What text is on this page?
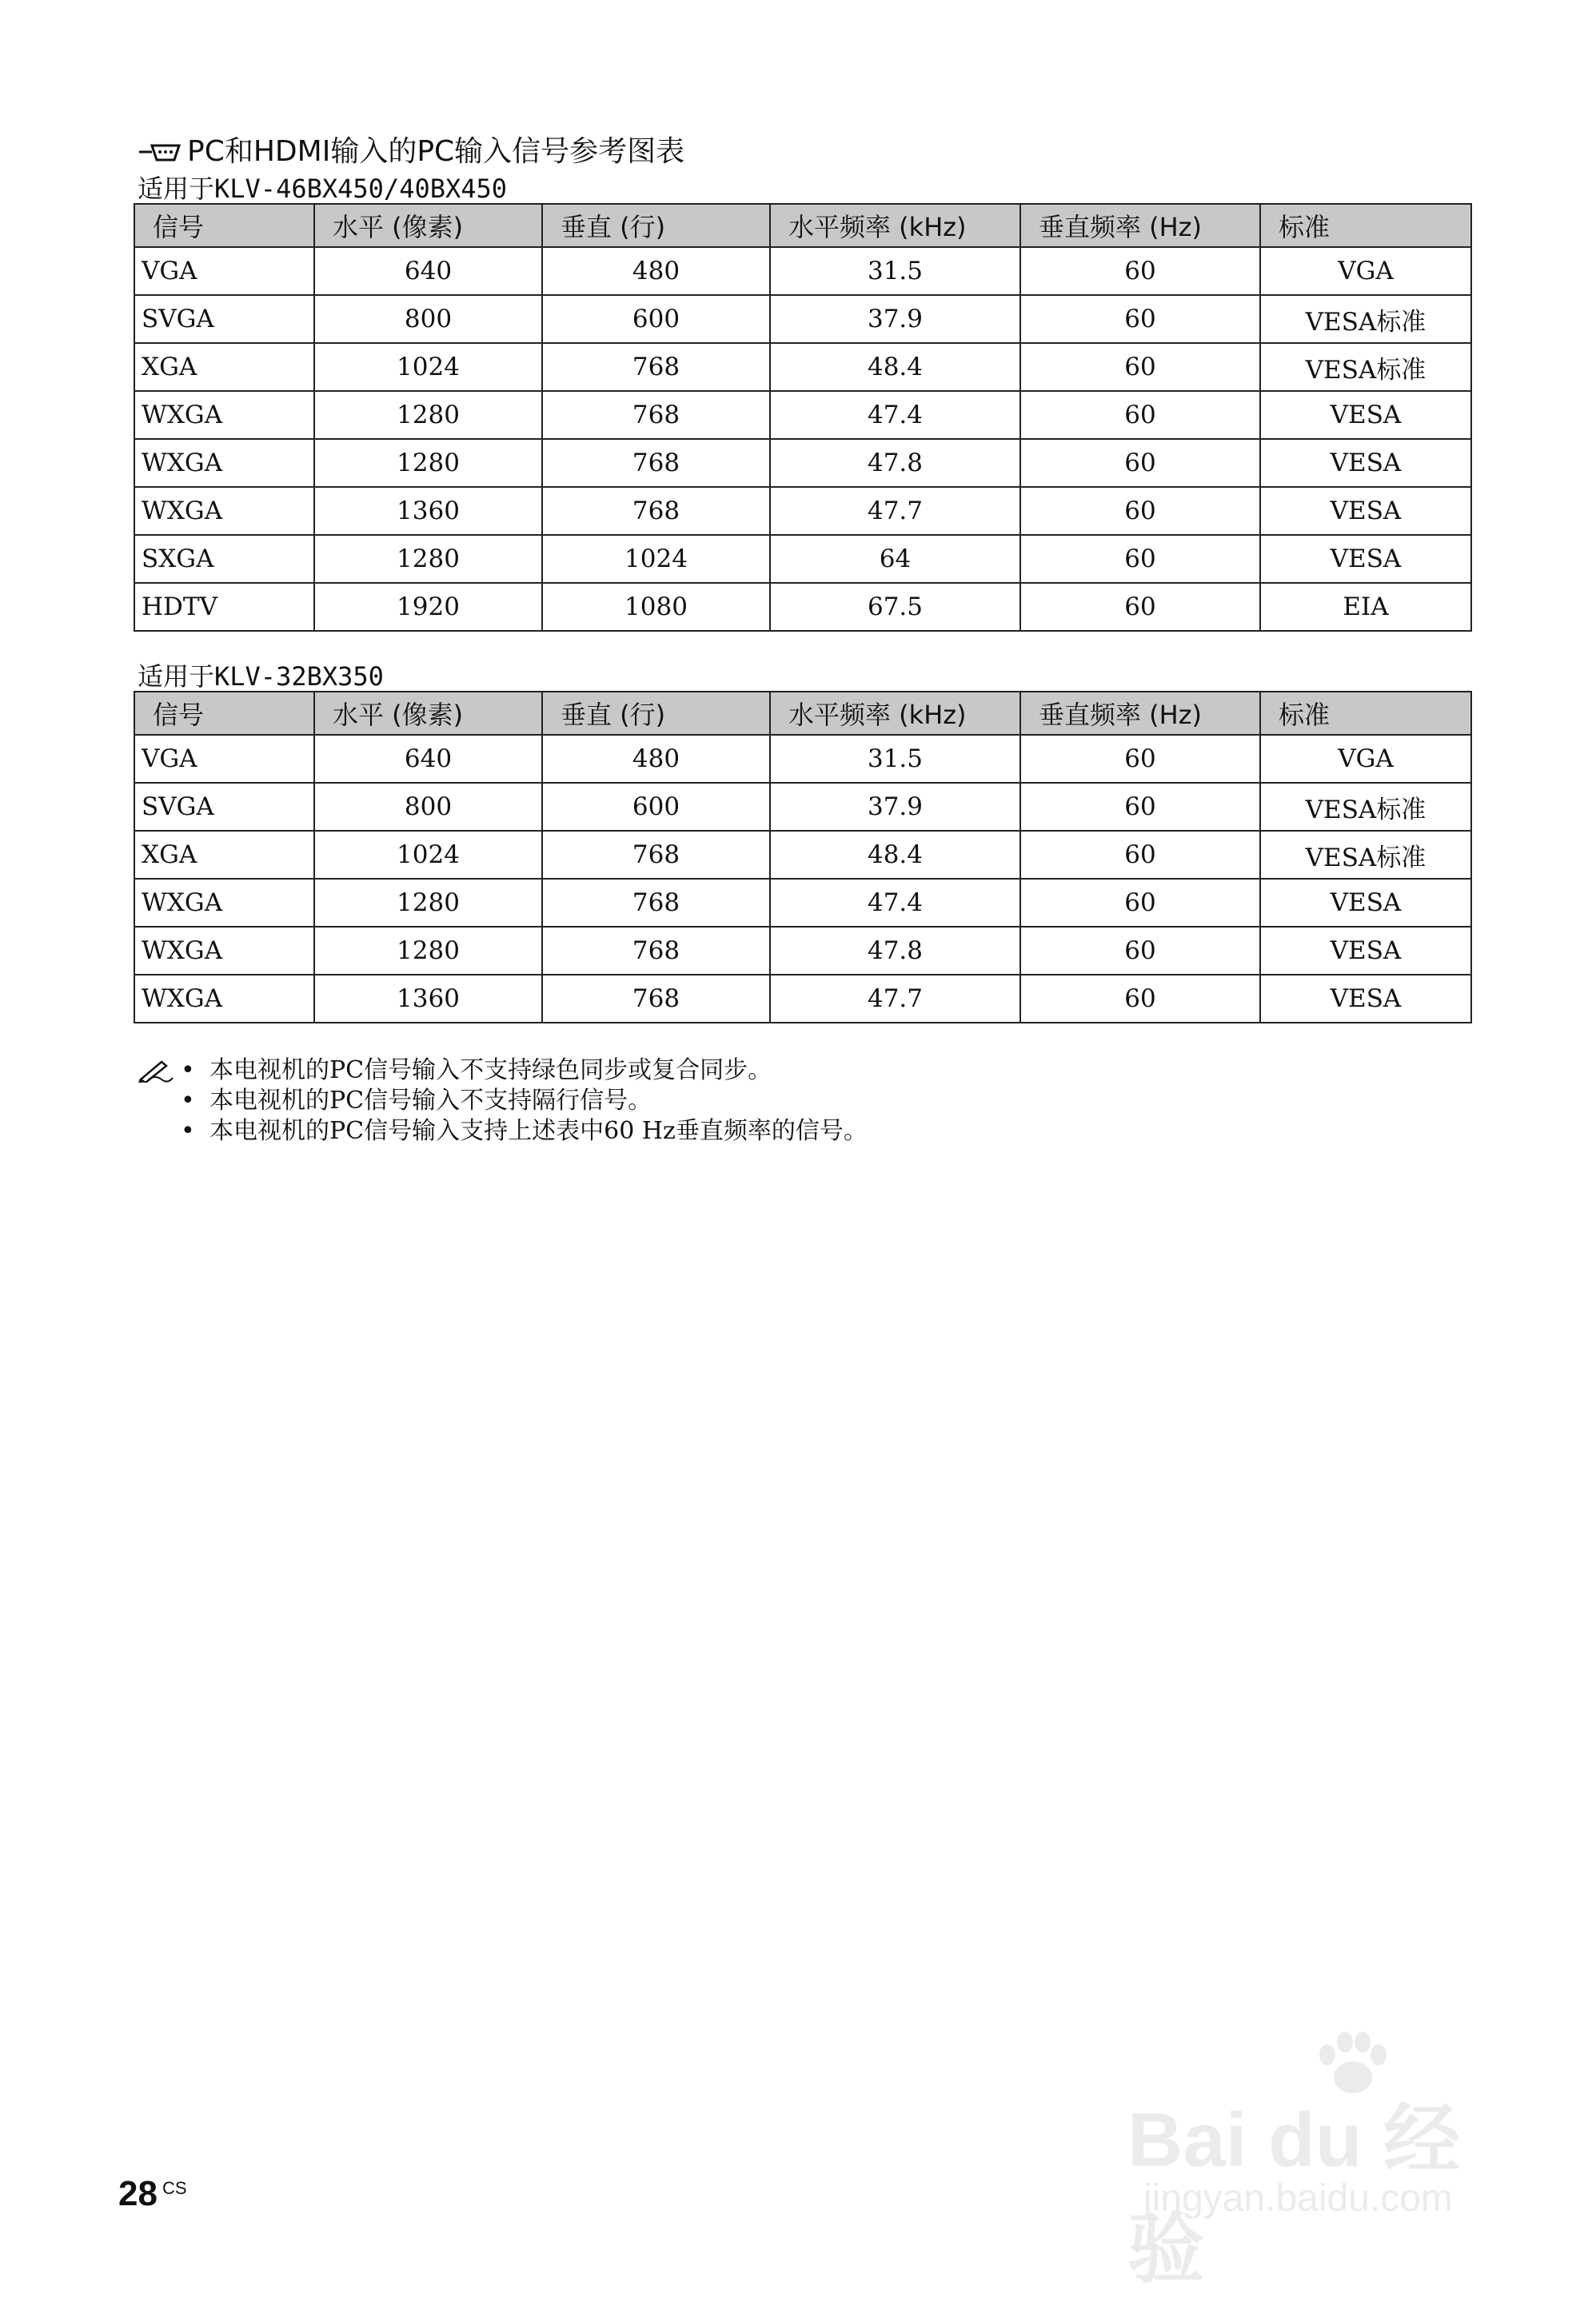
PC和HDMI输入的PC输入信号参考图表
适用于KLV-46BX450/40BX450
信号	水平 (像素)	垂直 (行)	水平频率 (kHz)	垂直频率 (Hz)	标准
VGA	640	480	31.5	60	VGA
SVGA	800	600	37.9	60	VESA标准
XGA	1024	768	48.4	60	VESA标准
WXGA	1280	768	47.4	60	VESA
WXGA	1280	768	47.8	60	VESA
WXGA	1360	768	47.7	60	VESA
SXGA	1280	1024	64	60	VESA
HDTV	1920	1080	67.5	60	EIA
适用于KLV-32BX350
信号	水平 (像素)	垂直 (行)	水平频率 (kHz)	垂直频率 (Hz)	标准
VGA	640	480	31.5	60	VGA
SVGA	800	600	37.9	60	VESA标准
XGA	1024	768	48.4	60	VESA标准
WXGA	1280	768	47.4	60	VESA
WXGA	1280	768	47.8	60	VESA
WXGA	1360	768	47.7	60	VESA
• 本电视机的PC信号输入不支持绿色同步或复合同步。
• 本电视机的PC信号输入不支持隔行信号。
• 本电视机的PC信号输入支持上述表中60 Hz垂直频率的信号。
Bai du 经验
jingyan.baidu.com
28 CS
